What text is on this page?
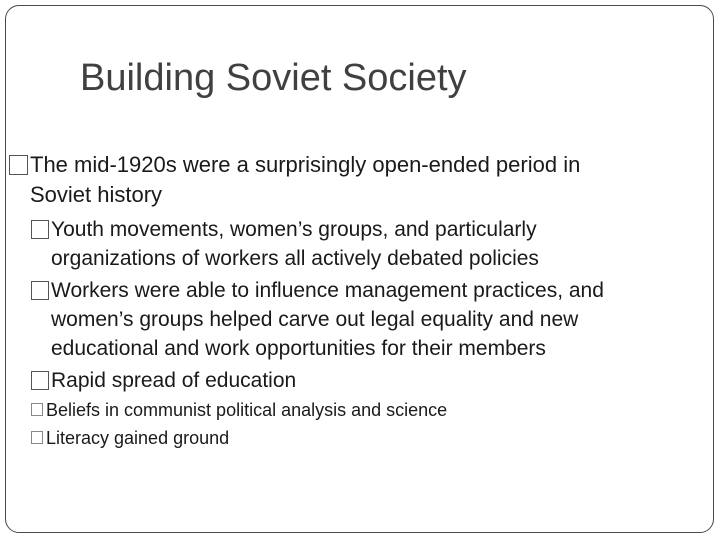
Building Soviet Society
The mid-1920s were a surprisingly open-ended period in
Soviet history
Youth movements, women’s groups, and particularly
organizations of workers all actively debated policies
Workers were able to influence management practices, and
women’s groups helped carve out legal equality and new
educational and work opportunities for their members
Rapid spread of education
Beliefs in communist political analysis and science
Literacy gained ground
